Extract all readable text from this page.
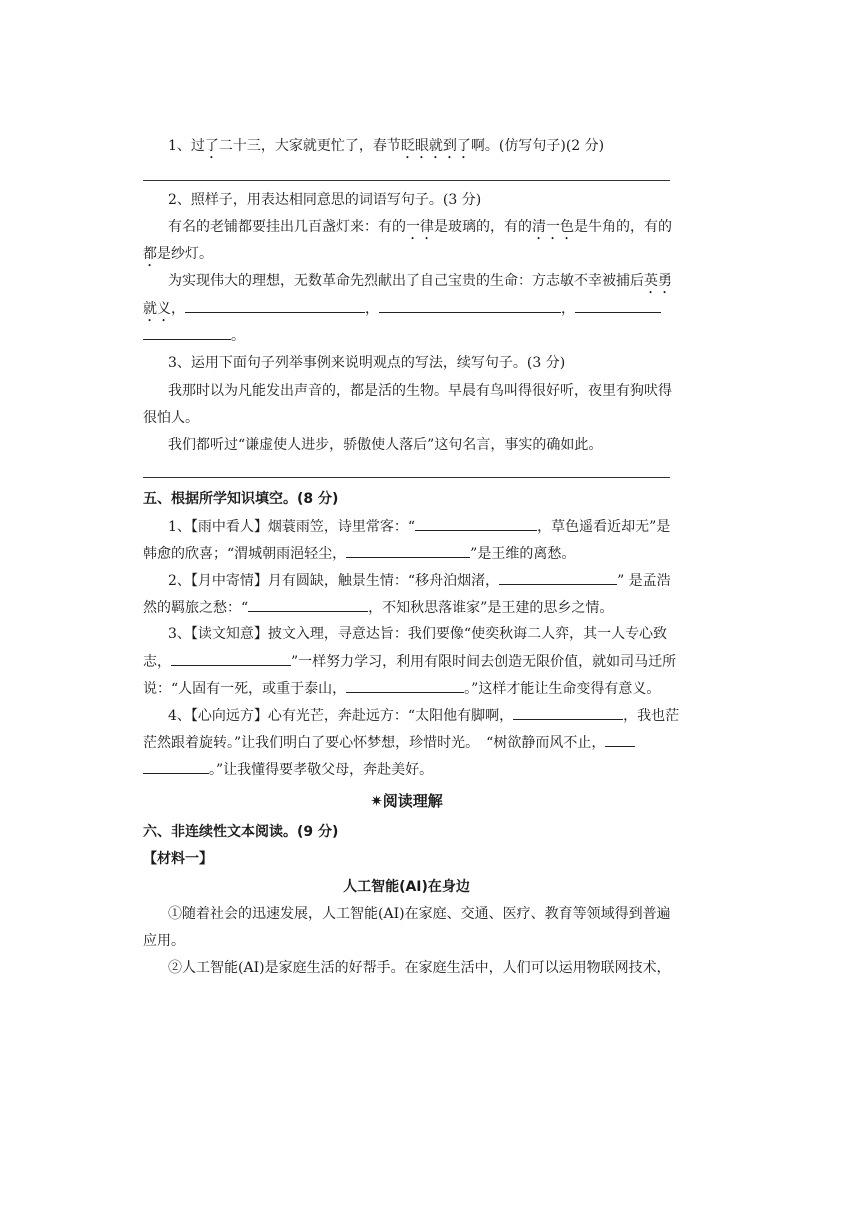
1、过了二十三，大家就更忙了，春节眨眼就到了啊。(仿写句子)(2 分)
2、照样子，用表达相同意思的词语写句子。(3 分)
有名的老铺都要挂出几百盏灯来：有的一律是玻璃的，有的清一色是牛角的，有的
都是纱灯。
为实现伟大的理想，无数革命先烈献出了自己宝贵的生命：方志敏不幸被捕后英勇
就义，	，	，
。
3、运用下面句子列举事例来说明观点的写法，续写句子。(3 分)
我那时以为凡能发出声音的，都是活的生物。早晨有鸟叫得很好听，夜里有狗吠得
很怕人。
我们都听过“谦虚使人进步，骄傲使人落后”这句名言，事实的确如此。
五、根据所学知识填空。(8 分)
1、【雨中看人】烟蓑雨笠，诗里常客：“	，草色遥看近却无”是
韩愈的欣喜；“渭城朝雨浥轻尘，	”是王维的离愁。
2、【月中寄情】月有圆缺，触景生情：“移舟泊烟渚，	” 是孟浩
然的羁旅之愁：“	，不知秋思落谁家”是王建的思乡之情。
3、【读文知意】披文入理，寻意达旨：我们要像“使奕秋诲二人弈，其一人专心致
志，	”一样努力学习，利用有限时间去创造无限价值，就如司马迁所
说：“人固有一死，或重于泰山，	。”这样才能让生命变得有意义。
4、【心向远方】心有光芒，奔赴远方：“太阳他有脚啊，	，我也茫
茫然跟着旋转。”让我们明白了要心怀梦想，珍惜时光。　“树欲静而风不止，
。”让我懂得要孝敬父母，奔赴美好。
✷阅读理解
六、非连续性文本阅读。(9 分)
【材料一】
人工智能(AI)在身边
①随着社会的迅速发展，人工智能(AI)在家庭、交通、医疗、教育等领域得到普遍
应用。
②人工智能(AI)是家庭生活的好帮手。在家庭生活中，人们可以运用物联网技术，
